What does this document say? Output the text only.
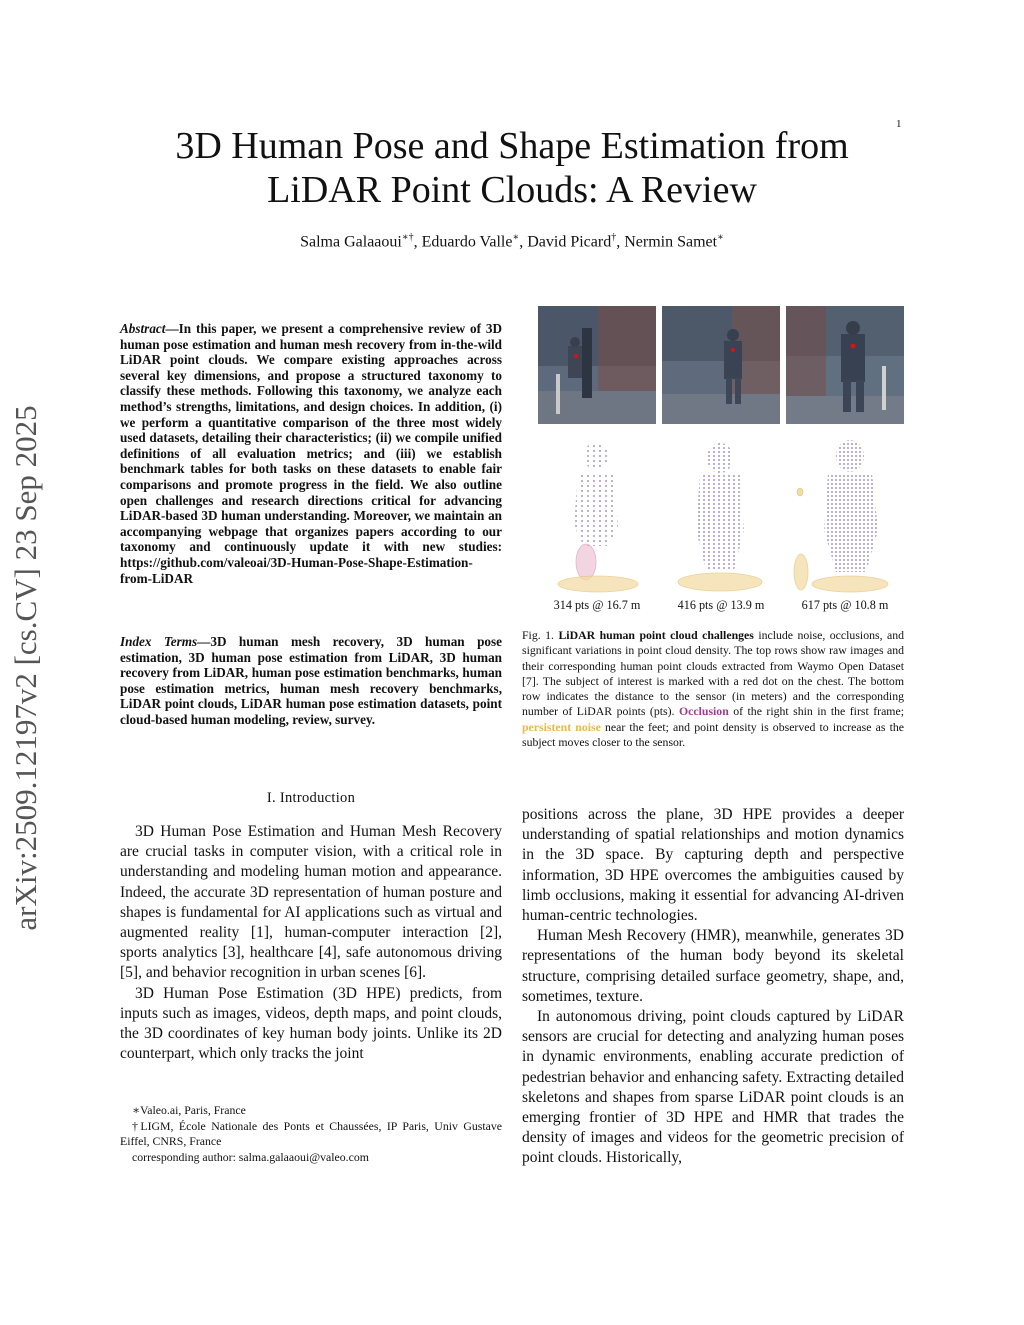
1
3D Human Pose and Shape Estimation from
LiDAR Point Clouds: A Review
Salma Galaaoui∗†, Eduardo Valle∗, David Picard†, Nermin Samet∗
arXiv:2509.12197v2 [cs.CV] 23 Sep 2025
Abstract—In this paper, we present a comprehensive review of 3D human pose estimation and human mesh recovery from in-the-wild LiDAR point clouds. We compare existing approaches across several key dimensions, and propose a structured taxonomy to classify these methods. Following this taxonomy, we analyze each method’s strengths, limitations, and design choices. In addition, (i) we perform a quantitative comparison of the three most widely used datasets, detailing their characteristics; (ii) we compile unified definitions of all evaluation metrics; and (iii) we establish benchmark tables for both tasks on these datasets to enable fair comparisons and promote progress in the field. We also outline open challenges and research directions critical for advancing LiDAR-based 3D human understanding. Moreover, we maintain an accompanying webpage that organizes papers according to our taxonomy and continuously update it with new studies: https://github.com/valeoai/3D-Human-Pose-Shape-Estimation-from-LiDAR
Index Terms—3D human mesh recovery, 3D human pose estimation, 3D human pose estimation from LiDAR, 3D human recovery from LiDAR, human pose estimation benchmarks, human pose estimation metrics, human mesh recovery benchmarks, LiDAR point clouds, LiDAR human pose estimation datasets, point cloud-based human modeling, review, survey.
I. Introduction

3D Human Pose Estimation and Human Mesh Recovery are crucial tasks in computer vision, with a critical role in understanding and modeling human motion and appearance. Indeed, the accurate 3D representation of human posture and shapes is fundamental for AI applications such as virtual and augmented reality [1], human-computer interaction [2], sports analytics [3], healthcare [4], safe autonomous driving [5], and behavior recognition in urban scenes [6].

3D Human Pose Estimation (3D HPE) predicts, from inputs such as images, videos, depth maps, and point clouds, the 3D coordinates of key human body joints. Unlike its 2D counterpart, which only tracks the joint

positions across the plane, 3D HPE provides a deeper understanding of spatial relationships and motion dynamics in the 3D space. By capturing depth and perspective information, 3D HPE overcomes the ambiguities caused by limb occlusions, making it essential for advancing AI-driven human-centric technologies.

Human Mesh Recovery (HMR), meanwhile, generates 3D representations of the human body beyond its skeletal structure, comprising detailed surface geometry, shape, and, sometimes, texture.

In autonomous driving, point clouds captured by LiDAR sensors are crucial for detecting and analyzing human poses in dynamic environments, enabling accurate prediction of pedestrian behavior and enhancing safety. Extracting detailed skeletons and shapes from sparse LiDAR point clouds is an emerging frontier of 3D HPE and HMR that trades the density of images and videos for the geometric precision of point clouds. Historically,

∗Valeo.ai, Paris, France
†LIGM, École Nationale des Ponts et Chaussées, IP Paris, Univ Gustave Eiffel, CNRS, France
corresponding author: salma.galaaoui@valeo.com
314 pts @ 16.7 m	416 pts @ 13.9 m	617 pts @ 10.8 m
Fig. 1. LiDAR human point cloud challenges include noise, occlusions, and significant variations in point cloud density. The top rows show raw images and their corresponding human point clouds extracted from Waymo Open Dataset [7]. The subject of interest is marked with a red dot on the chest. The bottom row indicates the distance to the sensor (in meters) and the corresponding number of LiDAR points (pts). Occlusion of the right shin in the first frame; persistent noise near the feet; and point density is observed to increase as the subject moves closer to the sensor.
